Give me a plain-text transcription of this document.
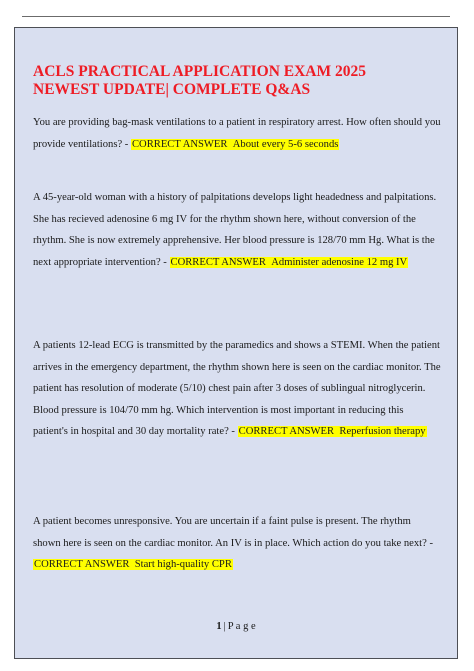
ACLS PRACTICAL APPLICATION EXAM 2025
NEWEST UPDATE| COMPLETE Q&AS

You are providing bag-mask ventilations to a patient in respiratory arrest. How often should you provide ventilations? - CORRECT ANSWER About every 5-6 seconds

A 45-year-old woman with a history of palpitations develops light headedness and palpitations. She has recieved adenosine 6 mg IV for the rhythm shown here, without conversion of the rhythm. She is now extremely apprehensive. Her blood pressure is 128/70 mm Hg. What is the next appropriate intervention? - CORRECT ANSWER Administer adenosine 12 mg IV

A patients 12-lead ECG is transmitted by the paramedics and shows a STEMI. When the patient arrives in the emergency department, the rhythm shown here is seen on the cardiac monitor. The patient has resolution of moderate (5/10) chest pain after 3 doses of sublingual nitroglycerin. Blood pressure is 104/70 mm hg. Which intervention is most important in reducing this patient's in hospital and 30 day mortality rate? - CORRECT ANSWER Reperfusion therapy

A patient becomes unresponsive. You are uncertain if a faint pulse is present. The rhythm shown here is seen on the cardiac monitor. An IV is in place. Which action do you take next? - CORRECT ANSWER Start high-quality CPR

1 | P a g e
